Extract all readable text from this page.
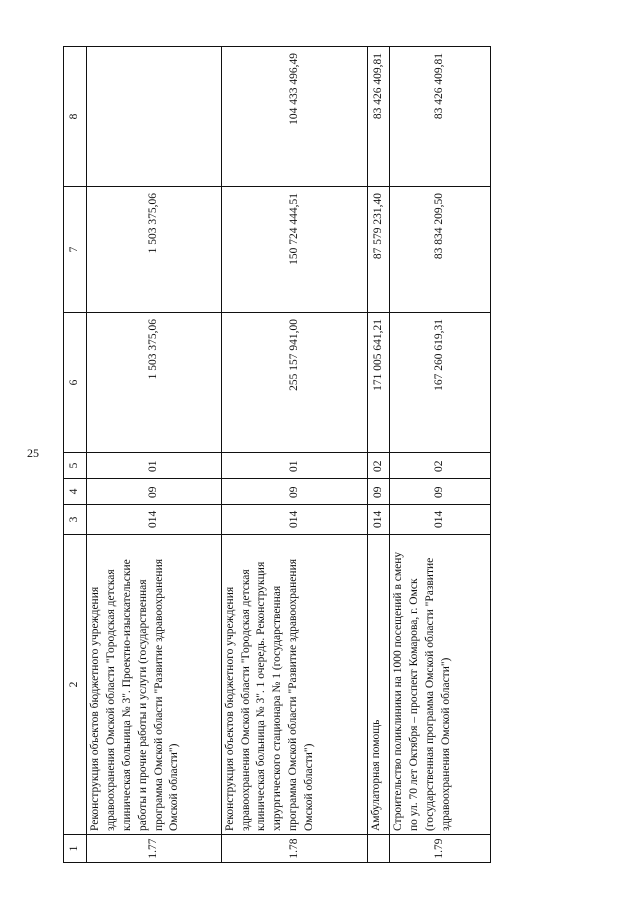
25
1	2	3	4	5	6	7	8
1.77	Реконструкция объектов бюджетного учреждения здравоохранения Омской области "Городская детская клиническая больница № 3". Проектно-изыскательские работы и прочие работы и услуги (государственная программа Омской области "Развитие здравоохранения Омской области")	014	09	01	1 503 375,06	1 503 375,06	
1.78	Реконструкция объектов бюджетного учреждения здравоохранения Омской области "Городская детская клиническая больница № 3". 1 очередь. Реконструкция хирургического стационара № 1 (государственная программа Омской области "Развитие здравоохранения Омской области")	014	09	01	255 157 941,00	150 724 444,51	104 433 496,49
	Амбулаторная помощь	014	09	02	171 005 641,21	87 579 231,40	83 426 409,81
1.79	Строительство поликлиники на 1000 посещений в смену по ул. 70 лет Октября – проспект Комарова, г. Омск (государственная программа Омской области "Развитие здравоохранения Омской области")	014	09	02	167 260 619,31	83 834 209,50	83 426 409,81
